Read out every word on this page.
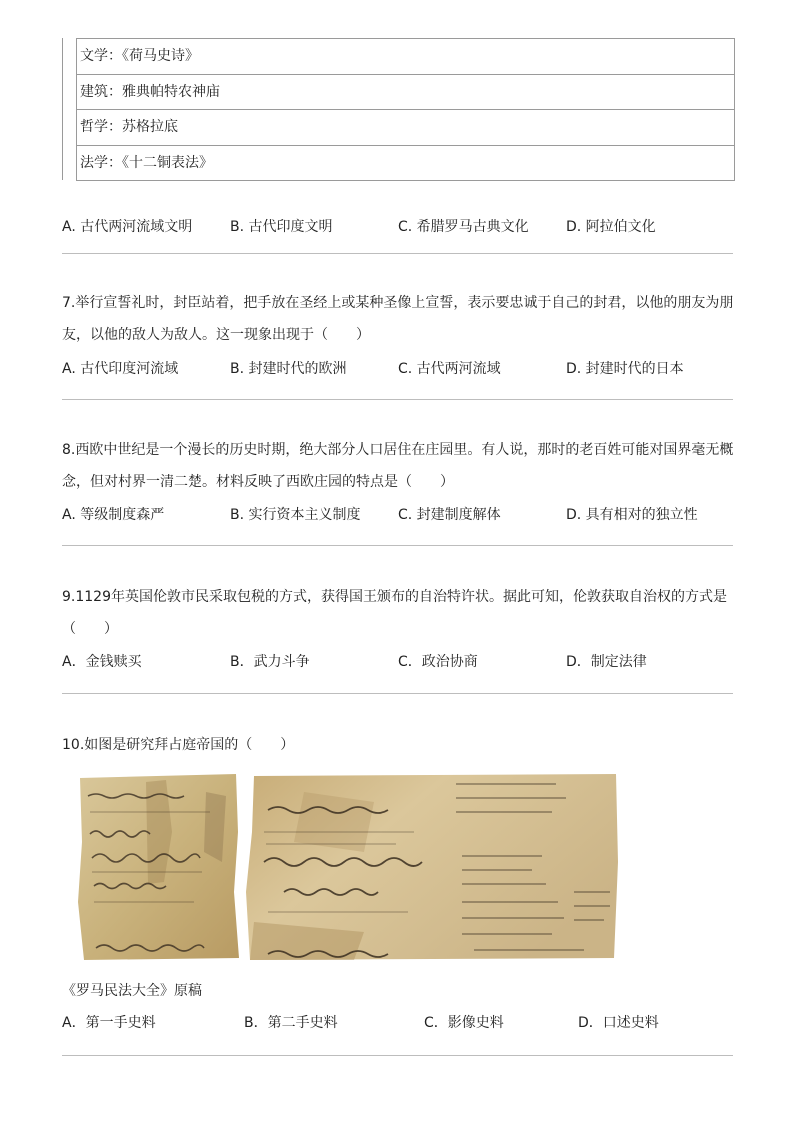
文学：《荷马史诗》
建筑：雅典帕特农神庙
哲学：苏格拉底
法学：《十二铜表法》
A. 古代两河流域文明	B. 古代印度文明	C. 希腊罗马古典文化	D. 阿拉伯文化
7.举行宣誓礼时，封臣站着，把手放在圣经上或某种圣像上宣誓，表示要忠诚于自己的封君，以他的朋友为朋
友，以他的敌人为敌人。这一现象出现于（　　）
A. 古代印度河流域	B. 封建时代的欧洲	C. 古代两河流域	D. 封建时代的日本
8.西欧中世纪是一个漫长的历史时期，绝大部分人口居住在庄园里。有人说，那时的老百姓可能对国界毫无概
念，但对村界一清二楚。材料反映了西欧庄园的特点是（　　）
A. 等级制度森严	B. 实行资本主义制度	C. 封建制度解体	D. 具有相对的独立性
9.1129年英国伦敦市民采取包税的方式，获得国王颁布的自治特许状。据此可知，伦敦获取自治权的方式是
（　　）
A．金钱赎买	B．武力斗争	C．政治协商	D．制定法律
10.如图是研究拜占庭帝国的（　　）
《罗马民法大全》原稿
A．第一手史料	B．第二手史料	C．影像史料	D．口述史料
